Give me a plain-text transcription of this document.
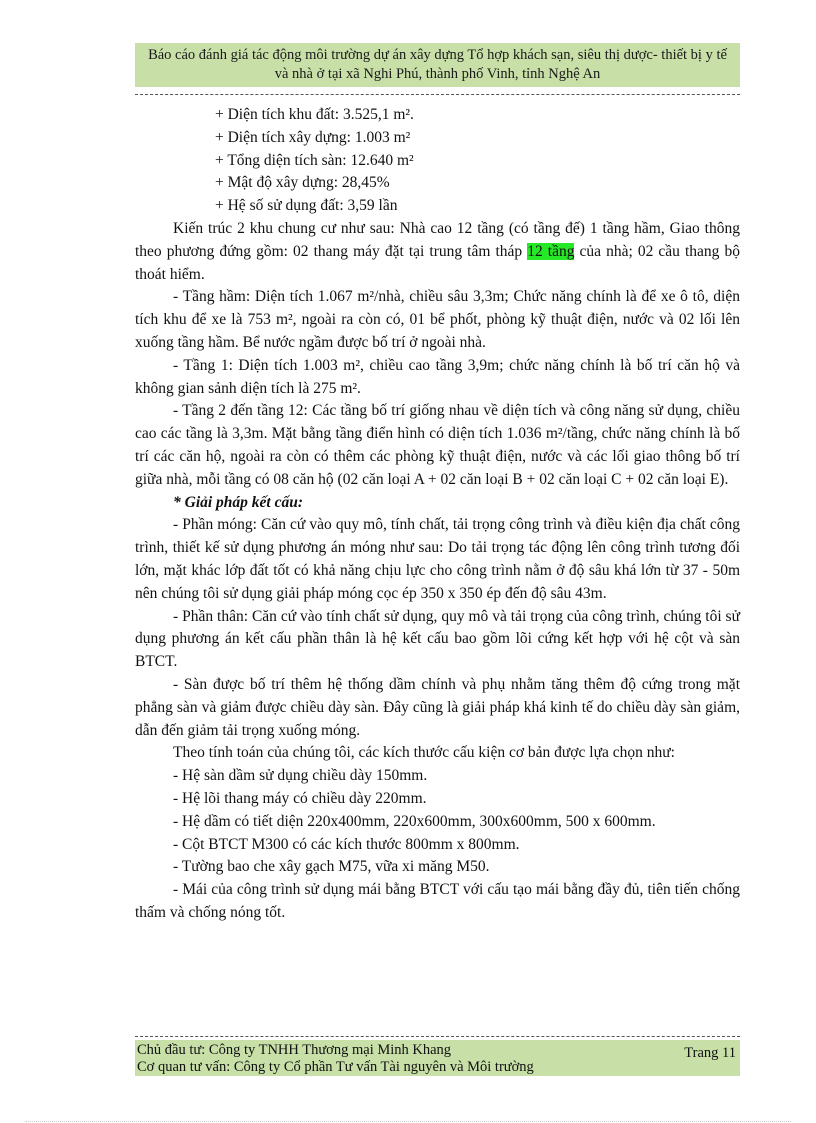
Báo cáo đánh giá tác động môi trường dự án xây dựng Tổ hợp khách sạn, siêu thị dược- thiết bị y tế
và nhà ở tại xã Nghi Phú, thành phố Vinh, tỉnh Nghệ An

+ Diện tích khu đất: 3.525,1 m².

+ Diện tích xây dựng: 1.003 m²

+ Tổng diện tích sàn: 12.640 m²

+ Mật độ xây dựng: 28,45%

+ Hệ số sử dụng đất: 3,59 lần

Kiến trúc 2 khu chung cư như sau: Nhà cao 12 tầng (có tầng đế) 1 tầng hầm, Giao thông theo phương đứng gồm: 02 thang máy đặt tại trung tâm tháp 12 tầng của nhà; 02 cầu thang bộ thoát hiểm.

- Tầng hầm: Diện tích 1.067 m²/nhà, chiều sâu 3,3m; Chức năng chính là để xe ô tô, diện tích khu để xe là 753 m², ngoài ra còn có, 01 bể phốt, phòng kỹ thuật điện, nước và 02 lối lên xuống tầng hầm. Bể nước ngầm được bố trí ở ngoài nhà.

- Tầng 1: Diện tích 1.003 m², chiều cao tầng 3,9m; chức năng chính là bố trí căn hộ và không gian sảnh diện tích là 275 m².

- Tầng 2 đến tầng 12: Các tầng bố trí giống nhau về diện tích và công năng sử dụng, chiều cao các tầng là 3,3m. Mặt bằng tầng điển hình có diện tích 1.036 m²/tầng, chức năng chính là bố trí các căn hộ, ngoài ra còn có thêm các phòng kỹ thuật điện, nước và các lối giao thông bố trí giữa nhà, mỗi tầng có 08 căn hộ (02 căn loại A + 02 căn loại B + 02 căn loại C + 02 căn loại E).

* Giải pháp kết cấu:

- Phần móng: Căn cứ vào quy mô, tính chất, tải trọng công trình và điều kiện địa chất công trình, thiết kế sử dụng phương án móng như sau: Do tải trọng tác động lên công trình tương đối lớn, mặt khác lớp đất tốt có khả năng chịu lực cho công trình nằm ở độ sâu khá lớn từ 37 - 50m nên chúng tôi sử dụng giải pháp móng cọc ép 350 x 350 ép đến độ sâu 43m.

- Phần thân: Căn cứ vào tính chất sử dụng, quy mô và tải trọng của công trình, chúng tôi sử dụng phương án kết cấu phần thân là hệ kết cấu bao gồm lõi cứng kết hợp với hệ cột và sàn BTCT.

- Sàn được bố trí thêm hệ thống dầm chính và phụ nhằm tăng thêm độ cứng trong mặt phẳng sàn và giảm được chiều dày sàn. Đây cũng là giải pháp khá kinh tế do chiều dày sàn giảm, dẫn đến giảm tải trọng xuống móng.

Theo tính toán của chúng tôi, các kích thước cấu kiện cơ bản được lựa chọn như:

- Hệ sàn dầm sử dụng chiều dày 150mm.

- Hệ lõi thang máy có chiều dày 220mm.

- Hệ dầm có tiết diện 220x400mm, 220x600mm, 300x600mm, 500 x 600mm.

- Cột BTCT M300 có các kích thước 800mm x 800mm.

- Tường bao che xây gạch M75, vữa xi măng M50.

- Mái của công trình sử dụng mái bằng BTCT với cấu tạo mái bằng đầy đủ, tiên tiến chống thấm và chống nóng tốt.

Chủ đầu tư: Công ty TNHH Thương mại Minh Khang
Cơ quan tư vấn: Công ty Cổ phần Tư vấn Tài nguyên và Môi trường
Trang 11
